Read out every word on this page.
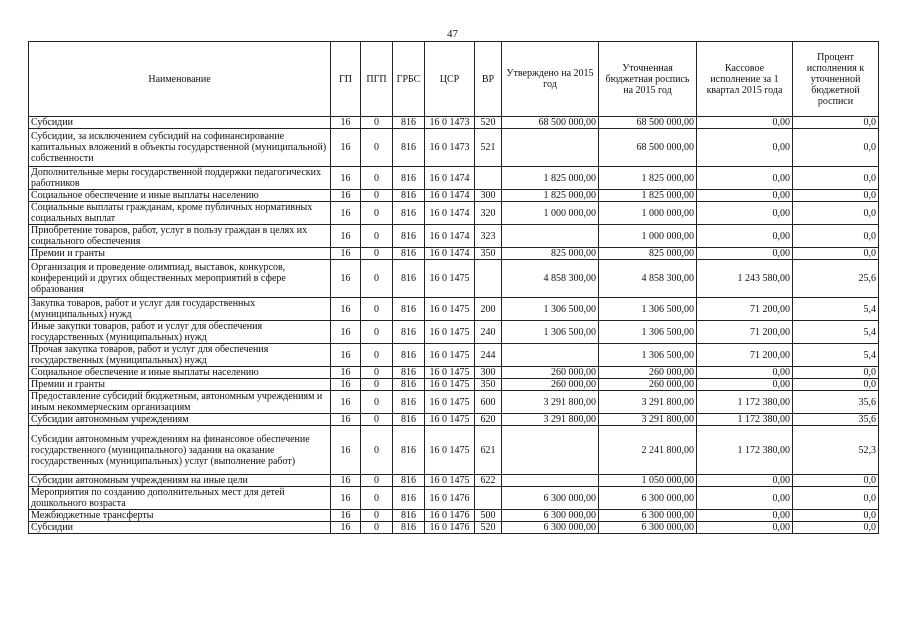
47
Наименование	ГП	ПГП	ГРБС	ЦСР	ВР	Утверждено на 2015 год	Уточненная бюджетная роспись на 2015 год	Кассовое исполнение за 1 квартал 2015 года	Процент исполнения к уточненной бюджетной росписи
Субсидии	16	0	816	16 0 1473	520	68 500 000,00	68 500 000,00	0,00	0,0
Субсидии, за исключением субсидий на софинансирование капитальных вложений в объекты государственной (муниципальной) собственности	16	0	816	16 0 1473	521		68 500 000,00	0,00	0,0
Дополнительные меры государственной поддержки педагогических работников	16	0	816	16 0 1474		1 825 000,00	1 825 000,00	0,00	0,0
Социальное обеспечение и иные выплаты населению	16	0	816	16 0 1474	300	1 825 000,00	1 825 000,00	0,00	0,0
Социальные выплаты гражданам, кроме публичных нормативных социальных выплат	16	0	816	16 0 1474	320	1 000 000,00	1 000 000,00	0,00	0,0
Приобретение товаров, работ, услуг в пользу граждан в целях их социального обеспечения	16	0	816	16 0 1474	323		1 000 000,00	0,00	0,0
Премии и гранты	16	0	816	16 0 1474	350	825 000,00	825 000,00	0,00	0,0
Организация и проведение олимпиад, выставок, конкурсов, конференций и других общественных мероприятий в сфере образования	16	0	816	16 0 1475		4 858 300,00	4 858 300,00	1 243 580,00	25,6
Закупка товаров, работ и услуг для государственных (муниципальных) нужд	16	0	816	16 0 1475	200	1 306 500,00	1 306 500,00	71 200,00	5,4
Иные закупки товаров, работ и услуг для обеспечения государственных (муниципальных) нужд	16	0	816	16 0 1475	240	1 306 500,00	1 306 500,00	71 200,00	5,4
Прочая закупка товаров, работ и услуг для обеспечения государственных (муниципальных) нужд	16	0	816	16 0 1475	244		1 306 500,00	71 200,00	5,4
Социальное обеспечение и иные выплаты населению	16	0	816	16 0 1475	300	260 000,00	260 000,00	0,00	0,0
Премии и гранты	16	0	816	16 0 1475	350	260 000,00	260 000,00	0,00	0,0
Предоставление субсидий бюджетным, автономным учреждениям и иным некоммерческим организациям	16	0	816	16 0 1475	600	3 291 800,00	3 291 800,00	1 172 380,00	35,6
Субсидии автономным учреждениям	16	0	816	16 0 1475	620	3 291 800,00	3 291 800,00	1 172 380,00	35,6
Субсидии автономным учреждениям на финансовое обеспечение государственного (муниципального) задания на оказание государственных (муниципальных) услуг (выполнение работ)	16	0	816	16 0 1475	621		2 241 800,00	1 172 380,00	52,3
Субсидии автономным учреждениям на иные цели	16	0	816	16 0 1475	622		1 050 000,00	0,00	0,0
Мероприятия по созданию дополнительных мест для детей дошкольного возраста	16	0	816	16 0 1476		6 300 000,00	6 300 000,00	0,00	0,0
Межбюджетные трансферты	16	0	816	16 0 1476	500	6 300 000,00	6 300 000,00	0,00	0,0
Субсидии	16	0	816	16 0 1476	520	6 300 000,00	6 300 000,00	0,00	0,0
